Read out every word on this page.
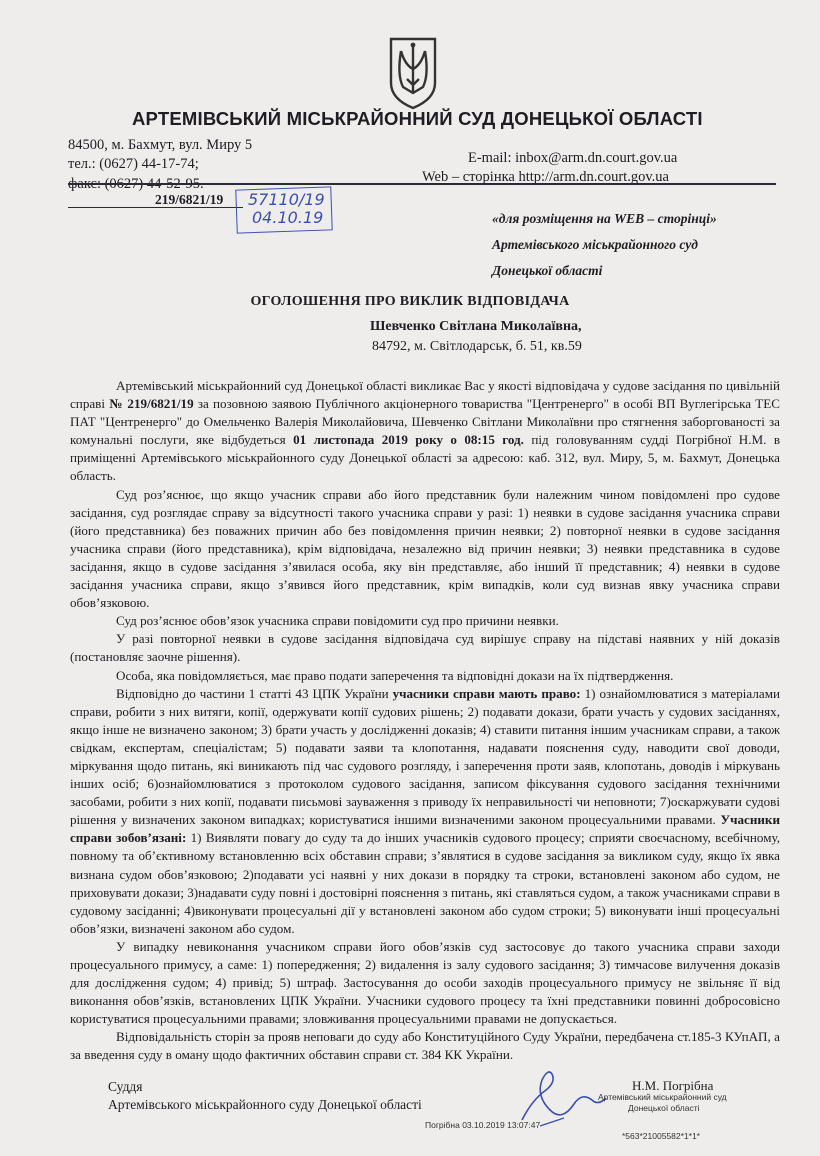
АРТЕМІВСЬКИЙ МІСЬКРАЙОННИЙ СУД ДОНЕЦЬКОЇ ОБЛАСТІ
84500, м. Бахмут, вул. Миру 5
тел.: (0627) 44-17-74;
факс: (0627) 44-52-95.
E-mail: inbox@arm.dn.court.gov.ua
Web – сторінка http://arm.dn.court.gov.ua
219/6821/19 57110/19
04.10.19	«для розміщення на WEB – сторінці»
Артемівського міськрайонного суд
Донецької області
ОГОЛОШЕННЯ ПРО ВИКЛИК ВІДПОВІДАЧА
Шевченко Світлана Миколаївна,
84792, м. Світлодарськ, б. 51, кв.59

Артемівський міськрайонний суд Донецької області викликає Вас у якості відповідача у судове засідання по цивільній справі № 219/6821/19 за позовною заявою Публічного акціонерного товариства "Центренерго" в особі ВП Вуглегірська ТЕС ПАТ "Центренерго" до Омельченко Валерія Миколайовича, Шевченко Світлани Миколаївни про стягнення заборгованості за комунальні послуги, яке відбудеться 01 листопада 2019 року о 08:15 год. під головуванням судді Погрібної Н.М. в приміщенні Артемівського міськрайонного суду Донецької області за адресою: каб. 312, вул. Миру, 5, м. Бахмут, Донецька область.

Суд роз’яснює, що якщо учасник справи або його представник були належним чином повідомлені про судове засідання, суд розглядає справу за відсутності такого учасника справи у разі: 1) неявки в судове засідання учасника справи (його представника) без поважних причин або без повідомлення причин неявки; 2) повторної неявки в судове засідання учасника справи (його представника), крім відповідача, незалежно від причин неявки; 3) неявки представника в судове засідання, якщо в судове засідання з’явилася особа, яку він представляє, або інший її представник; 4) неявки в судове засідання учасника справи, якщо з’явився його представник, крім випадків, коли суд визнав явку учасника справи обов’язковою.

Суд роз’яснює обов’язок учасника справи повідомити суд про причини неявки.

У разі повторної неявки в судове засідання відповідача суд вирішує справу на підставі наявних у ній доказів (постановляє заочне рішення).

Особа, яка повідомляється, має право подати заперечення та відповідні докази на їх підтвердження.

Відповідно до частини 1 статті 43 ЦПК України учасники справи мають право: 1) ознайомлюватися з матеріалами справи, робити з них витяги, копії, одержувати копії судових рішень; 2) подавати докази, брати участь у судових засіданнях, якщо інше не визначено законом; 3) брати участь у дослідженні доказів; 4) ставити питання іншим учасникам справи, а також свідкам, експертам, спеціалістам; 5) подавати заяви та клопотання, надавати пояснення суду, наводити свої доводи, міркування щодо питань, які виникають під час судового розгляду, і заперечення проти заяв, клопотань, доводів і міркувань інших осіб; 6)ознайомлюватися з протоколом судового засідання, записом фіксування судового засідання технічними засобами, робити з них копії, подавати письмові зауваження з приводу їх неправильності чи неповноти; 7)оскаржувати судові рішення у визначених законом випадках; користуватися іншими визначеними законом процесуальними правами. Учасники справи зобов’язані: 1) Виявляти повагу до суду та до інших учасників судового процесу; сприяти своєчасному, всебічному, повному та об’єктивному встановленню всіх обставин справи; з’являтися в судове засідання за викликом суду, якщо їх явка визнана судом обов’язковою; 2)подавати усі наявні у них докази в порядку та строки, встановлені законом або судом, не приховувати докази; 3)надавати суду повні і достовірні пояснення з питань, які ставляться судом, а також учасниками справи в судовому засіданні; 4)виконувати процесуальні дії у встановлені законом або судом строки; 5) виконувати інші процесуальні обов’язки, визначені законом або судом.

У випадку невиконання учасником справи його обов’язків суд застосовує до такого учасника справи заходи процесуального примусу, а саме: 1) попередження; 2) видалення із залу судового засідання; 3) тимчасове вилучення доказів для дослідження судом; 4) привід; 5) штраф. Застосування до особи заходів процесуального примусу не звільняє її від виконання обов’язків, встановлених ЦПК України. Учасники судового процесу та їхні представники повинні добросовісно користуватися процесуальними правами; зловживання процесуальними правами не допускається.

Відповідальність сторін за прояв неповаги до суду або Конституційного Суду України, передбачена ст.185-3 КУпАП, а за введення суду в оману щодо фактичних обставин справи ст. 384 КК України.

Суддя
Артемівського міськрайонного суду Донецької області
Н.М. Погрібна
Артемівський міськрайонний суд
Донецької області
Погрібна 03.10.2019 13:07:47
*563*21005582*1*1*
